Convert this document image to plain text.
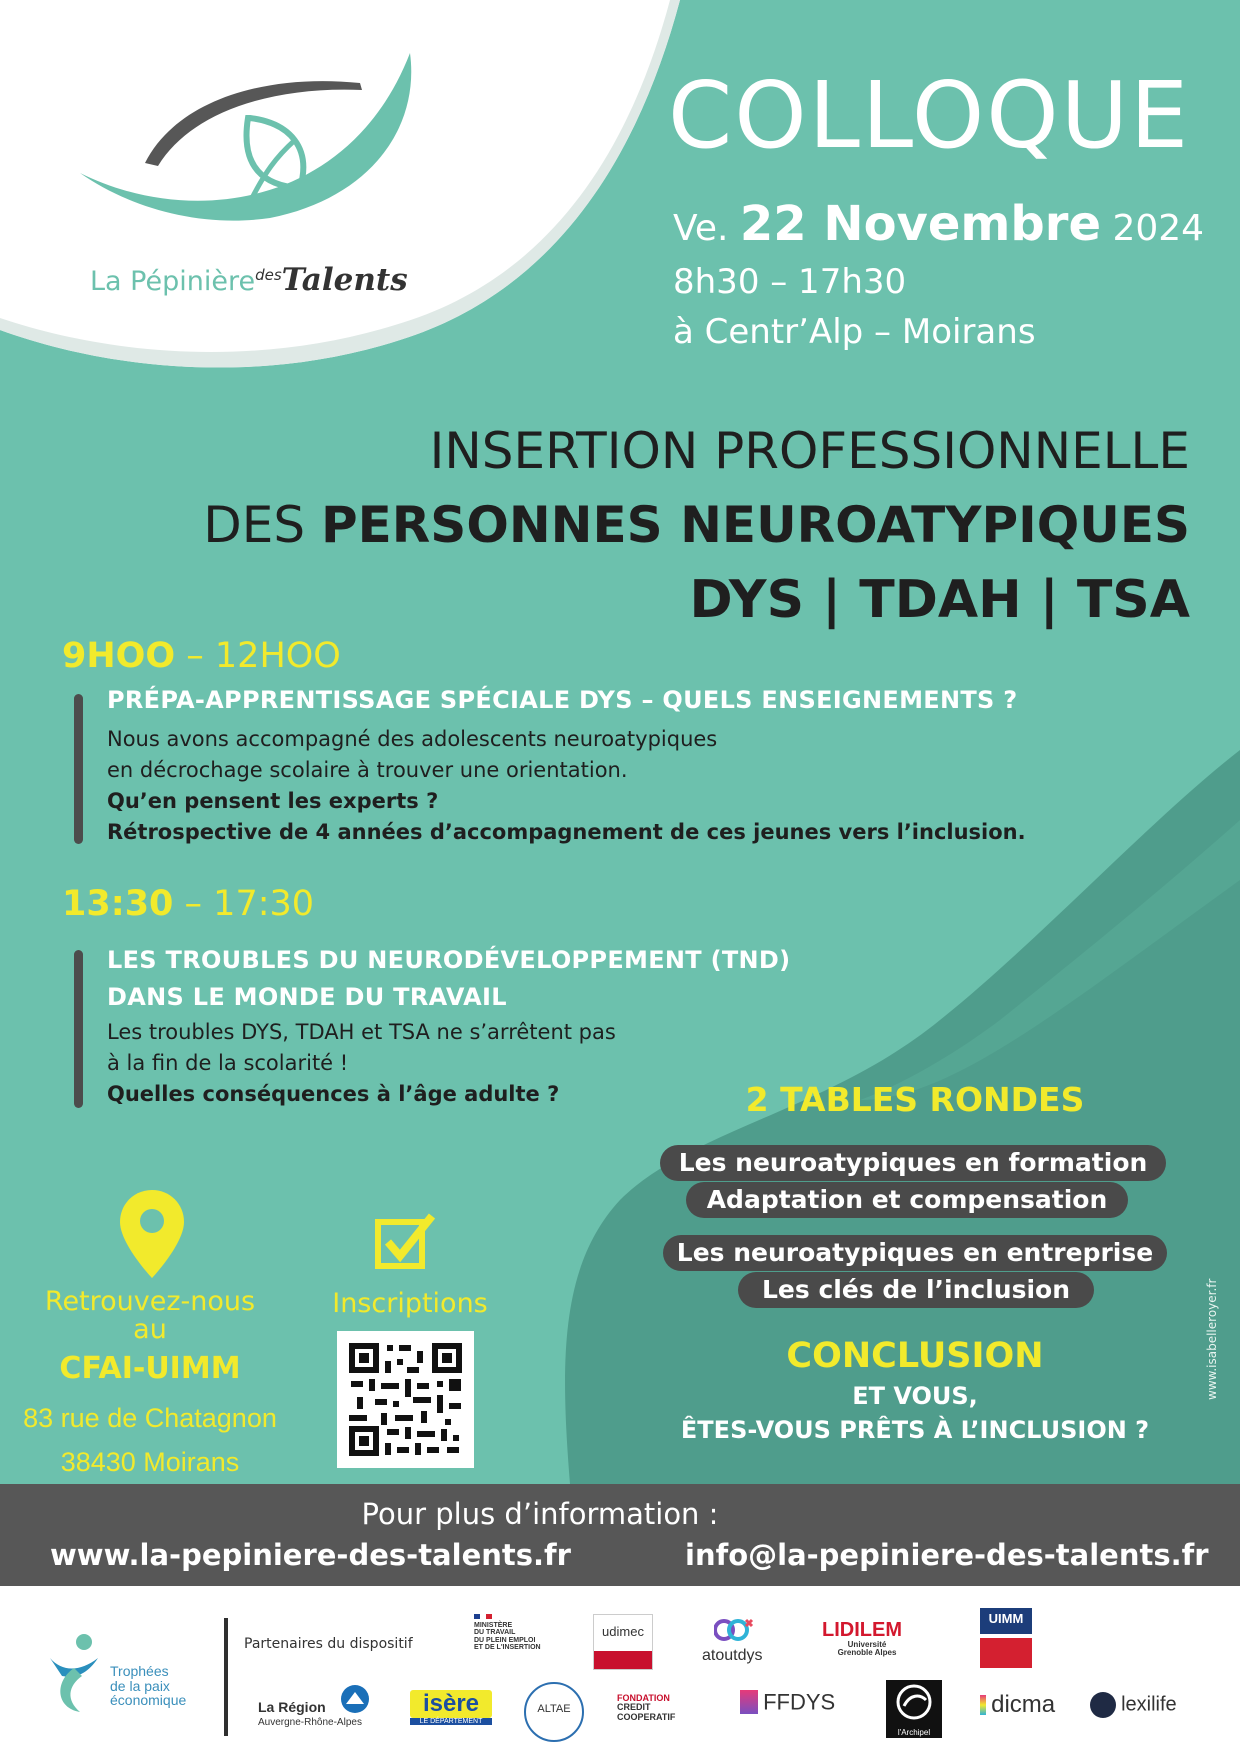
La Pépinière$^{des}$Talents
COLLOQUE
Ve. 22 Novembre 2024
8h30 – 17h30
à Centr’Alp – Moirans
INSERTION PROFESSIONNELLE
DES PERSONNES NEUROATYPIQUES
DYS | TDAH | TSA
9HOO – 12HOO
PRÉPA-APPRENTISSAGE SPÉCIALE DYS – QUELS ENSEIGNEMENTS ?
Nous avons accompagné des adolescents neuroatypiques
en décrochage scolaire à trouver une orientation.
Qu’en pensent les experts ?
Rétrospective de 4 années d’accompagnement de ces jeunes vers l’inclusion.
13:30 – 17:30
LES TROUBLES DU NEURODÉVELOPPEMENT (TND)
DANS LE MONDE DU TRAVAIL
Les troubles DYS, TDAH et TSA ne s’arrêtent pas
à la fin de la scolarité !
Quelles conséquences à l’âge adulte ?	2 TABLES RONDES
Les neuroatypiques en formation
Adaptation et compensation
Les neuroatypiques en entreprise
Les clés de l’inclusion
CONCLUSION
ET VOUS,
ÊTES-VOUS PRÊTS À L’INCLUSION ?
Retrouvez-nous au
CFAI-UIMM
83 rue de Chatagnon
38430 Moirans
Inscriptions	www.isabelleroyer.fr
Pour plus d’information :
www.la-pepiniere-des-talents.fr	info@la-pepiniere-des-talents.fr
Trophées
de la paix
économique
Partenaires du dispositif
MINISTÈRE
DU TRAVAIL
DU PLEIN EMPLOI
ET DE L'INSERTION
udimec
atoutdys
LIDILEM
Université
Grenoble Alpes
UIMM
La Région
Auvergne-Rhône-Alpes
isère
LE DÉPARTEMENT
ALTAE
FONDATION
CREDIT
COOPERATIF
FFDYS
l'Archipel
dicma	lexilife
